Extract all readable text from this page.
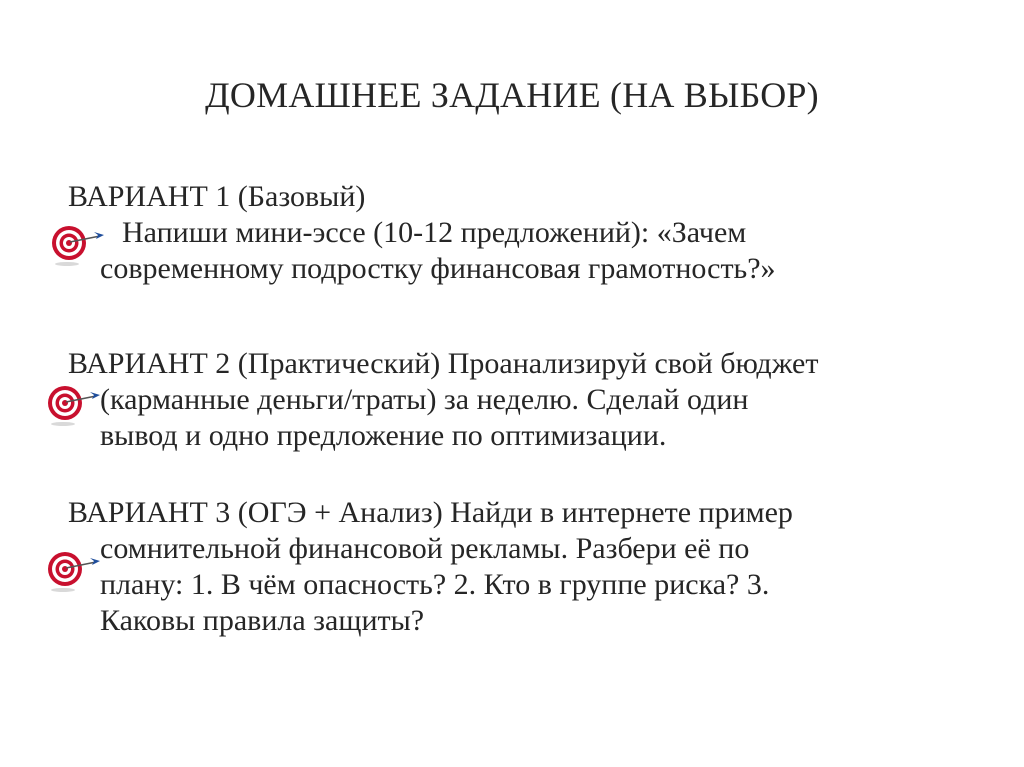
ДОМАШНЕЕ ЗАДАНИЕ (НА ВЫБОР)
ВАРИАНТ 1 (Базовый)
Напиши мини-эссе (10-12 предложений): «Зачем
современному подростку финансовая грамотность?»
ВАРИАНТ 2 (Практический) Проанализируй свой бюджет
(карманные деньги/траты) за неделю. Сделай один
вывод и одно предложение по оптимизации.
ВАРИАНТ 3 (ОГЭ + Анализ) Найди в интернете пример
сомнительной финансовой рекламы. Разбери её по
плану: 1. В чём опасность? 2. Кто в группе риска? 3.
Каковы правила защиты?
